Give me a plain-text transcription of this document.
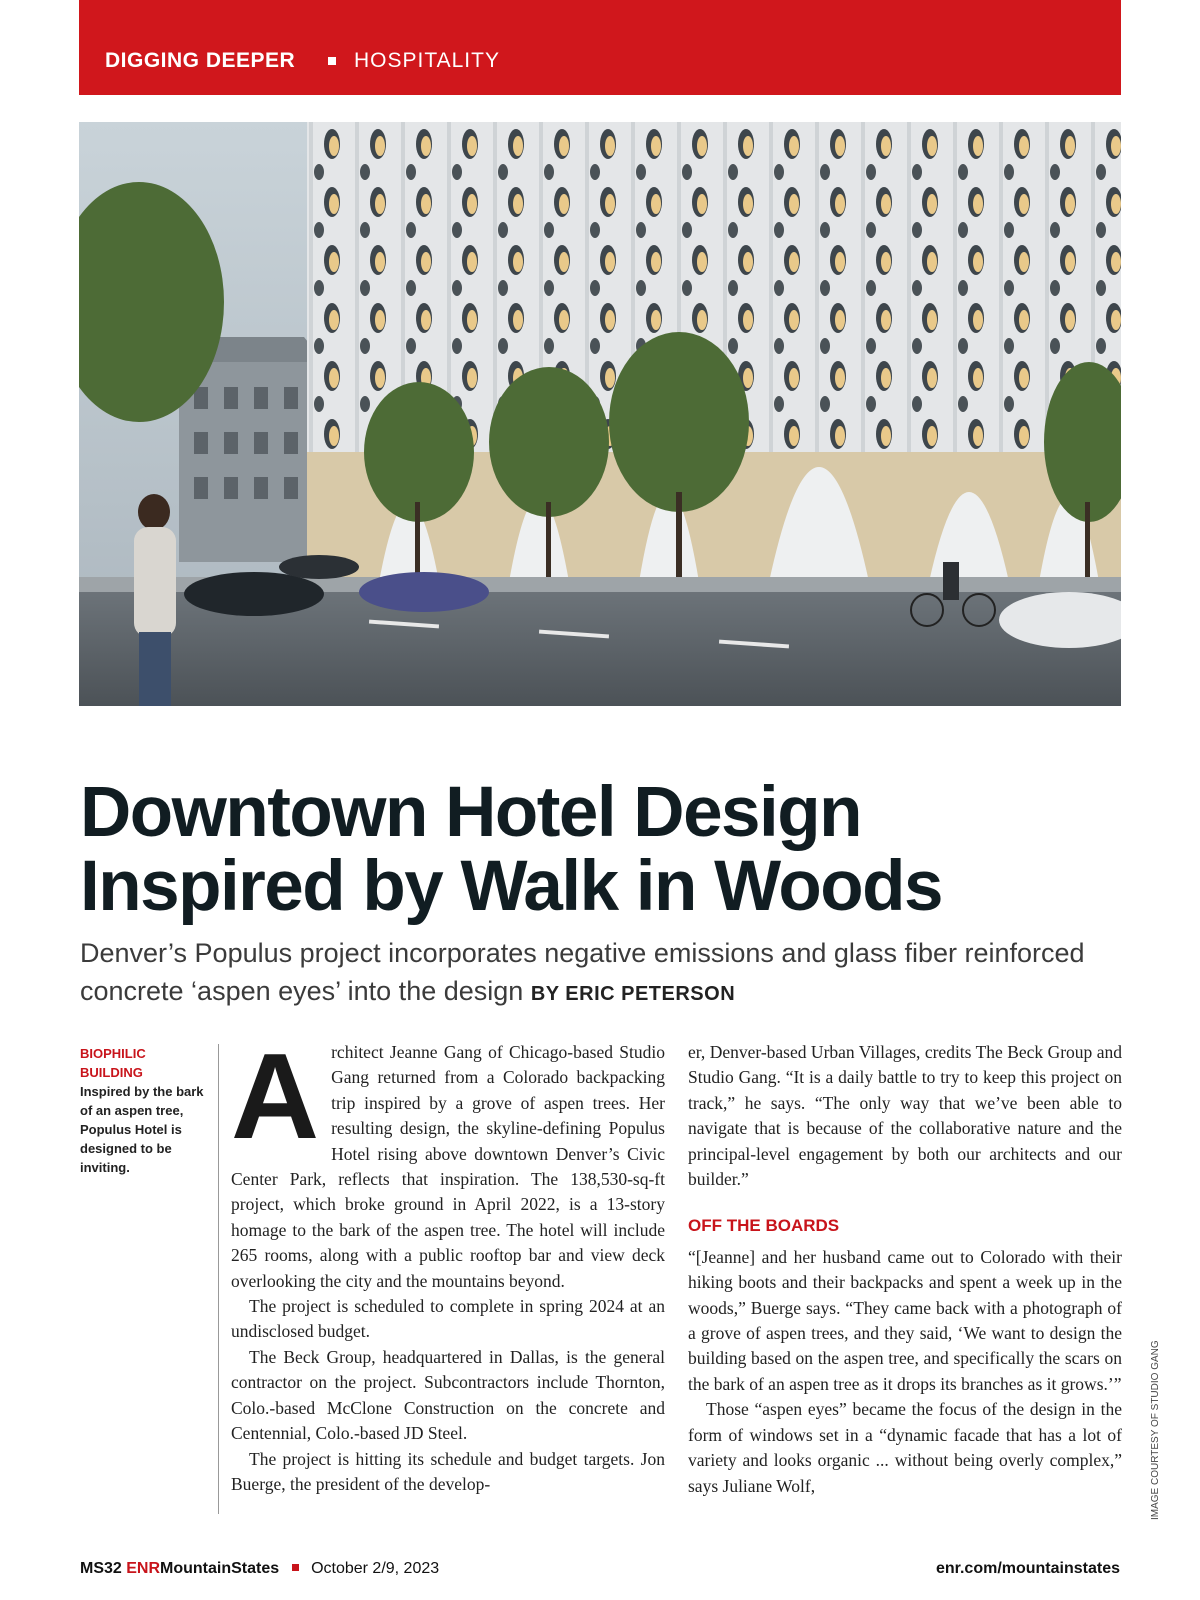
DIGGING DEEPER	HOSPITALITY
Downtown Hotel Design
Inspired by Walk in Woods
Denver’s Populus project incorporates negative emissions and glass fiber reinforced concrete ‘aspen eyes’ into the design BY ERIC PETERSON
BIOPHILIC
BUILDING
Inspired by the bark of an aspen tree, Populus Hotel is designed to be inviting.

Architect Jeanne Gang of Chicago-based Studio Gang returned from a Colorado backpacking trip inspired by a grove of aspen trees. Her resulting design, the skyline-defining Populus Hotel rising above downtown Denver’s Civic Center Park, reflects that inspiration. The 138,530-sq-ft project, which broke ground in April 2022, is a 13-story homage to the bark of the aspen tree. The hotel will include 265 rooms, along with a public rooftop bar and view deck overlooking the city and the mountains beyond.

The project is scheduled to complete in spring 2024 at an undisclosed budget.

The Beck Group, headquartered in Dallas, is the general contractor on the project. Subcontractors include Thornton, Colo.-based McClone Construction on the concrete and Centennial, Colo.-based JD Steel.

The project is hitting its schedule and budget targets. Jon Buerge, the president of the develop-

er, Denver-based Urban Villages, credits The Beck Group and Studio Gang. “It is a daily battle to try to keep this project on track,” he says. “The only way that we’ve been able to navigate that is because of the collaborative nature and the principal-level engagement by both our architects and our builder.”

OFF THE BOARDS

“[Jeanne] and her husband came out to Colorado with their hiking boots and their backpacks and spent a week up in the woods,” Buerge says. “They came back with a photograph of a grove of aspen trees, and they said, ‘We want to design the building based on the aspen tree, and specifically the scars on the bark of an aspen tree as it drops its branches as it grows.’”

Those “aspen eyes” became the focus of the design in the form of windows set in a “dynamic facade that has a lot of variety and looks organic ... without being overly complex,” says Juliane Wolf,	IMAGE COURTESY OF STUDIO GANG
MS32 ENRMountainStates October 2/9, 2023	enr.com/mountainstates
